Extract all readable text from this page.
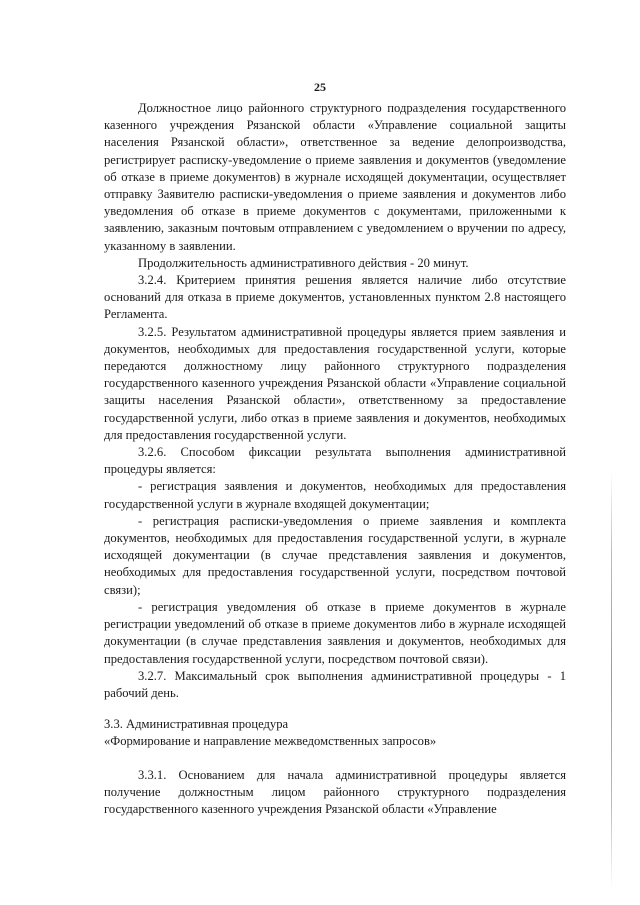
25

Должностное лицо районного структурного подразделения государственного казенного учреждения Рязанской области «Управление социальной защиты населения Рязанской области», ответственное за ведение делопроизводства, регистрирует расписку-уведомление о приеме заявления и документов (уведомление об отказе в приеме документов) в журнале исходящей документации, осуществляет отправку Заявителю расписки-уведомления о приеме заявления и документов либо уведомления об отказе в приеме документов с документами, приложенными к заявлению, заказным почтовым отправлением с уведомлением о вручении по адресу, указанному в заявлении.

Продолжительность административного действия - 20 минут.

3.2.4. Критерием принятия решения является наличие либо отсутствие оснований для отказа в приеме документов, установленных пунктом 2.8 настоящего Регламента.

3.2.5. Результатом административной процедуры является прием заявления и документов, необходимых для предоставления государственной услуги, которые передаются должностному лицу районного структурного подразделения государственного казенного учреждения Рязанской области «Управление социальной защиты населения Рязанской области», ответственному за предоставление государственной услуги, либо отказ в приеме заявления и документов, необходимых для предоставления государственной услуги.

3.2.6. Способом фиксации результата выполнения административной процедуры является:

- регистрация заявления и документов, необходимых для предоставления государственной услуги в журнале входящей документации;

- регистрация расписки-уведомления о приеме заявления и комплекта документов, необходимых для предоставления государственной услуги, в журнале исходящей документации (в случае представления заявления и документов, необходимых для предоставления государственной услуги, посредством почтовой связи);

- регистрация уведомления об отказе в приеме документов в журнале регистрации уведомлений об отказе в приеме документов либо в журнале исходящей документации (в случае представления заявления и документов, необходимых для предоставления государственной услуги, посредством почтовой связи).

3.2.7. Максимальный срок выполнения административной процедуры - 1 рабочий день.

3.3. Административная процедура

«Формирование и направление межведомственных запросов»

3.3.1. Основанием для начала административной процедуры является получение должностным лицом районного структурного подразделения государственного казенного учреждения Рязанской области «Управление
